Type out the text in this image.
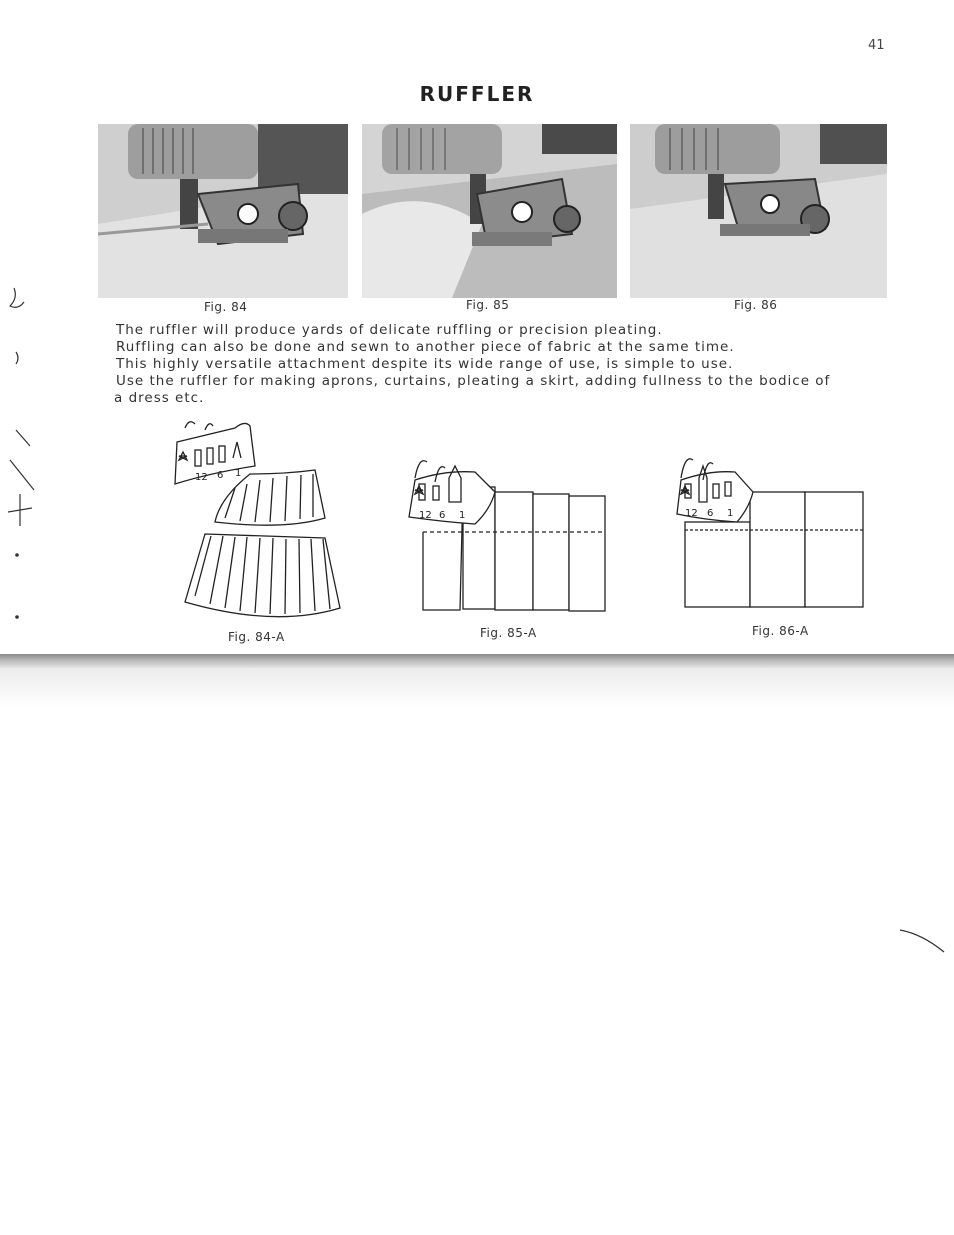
41
RUFFLER
Fig. 84	Fig. 85	Fig. 86

The ruffler will produce yards of delicate ruffling or precision pleating.

Ruffling can also be done and sewn to another piece of fabric at the same time.

This highly versatile attachment despite its wide range of use, is simple to use.

Use the ruffler for making aprons, curtains, pleating a skirt, adding fullness to the bodice of

a dress etc.

12 6 1
12 6 1	12 6 1
Fig. 84-A	Fig. 85-A	Fig. 86-A
